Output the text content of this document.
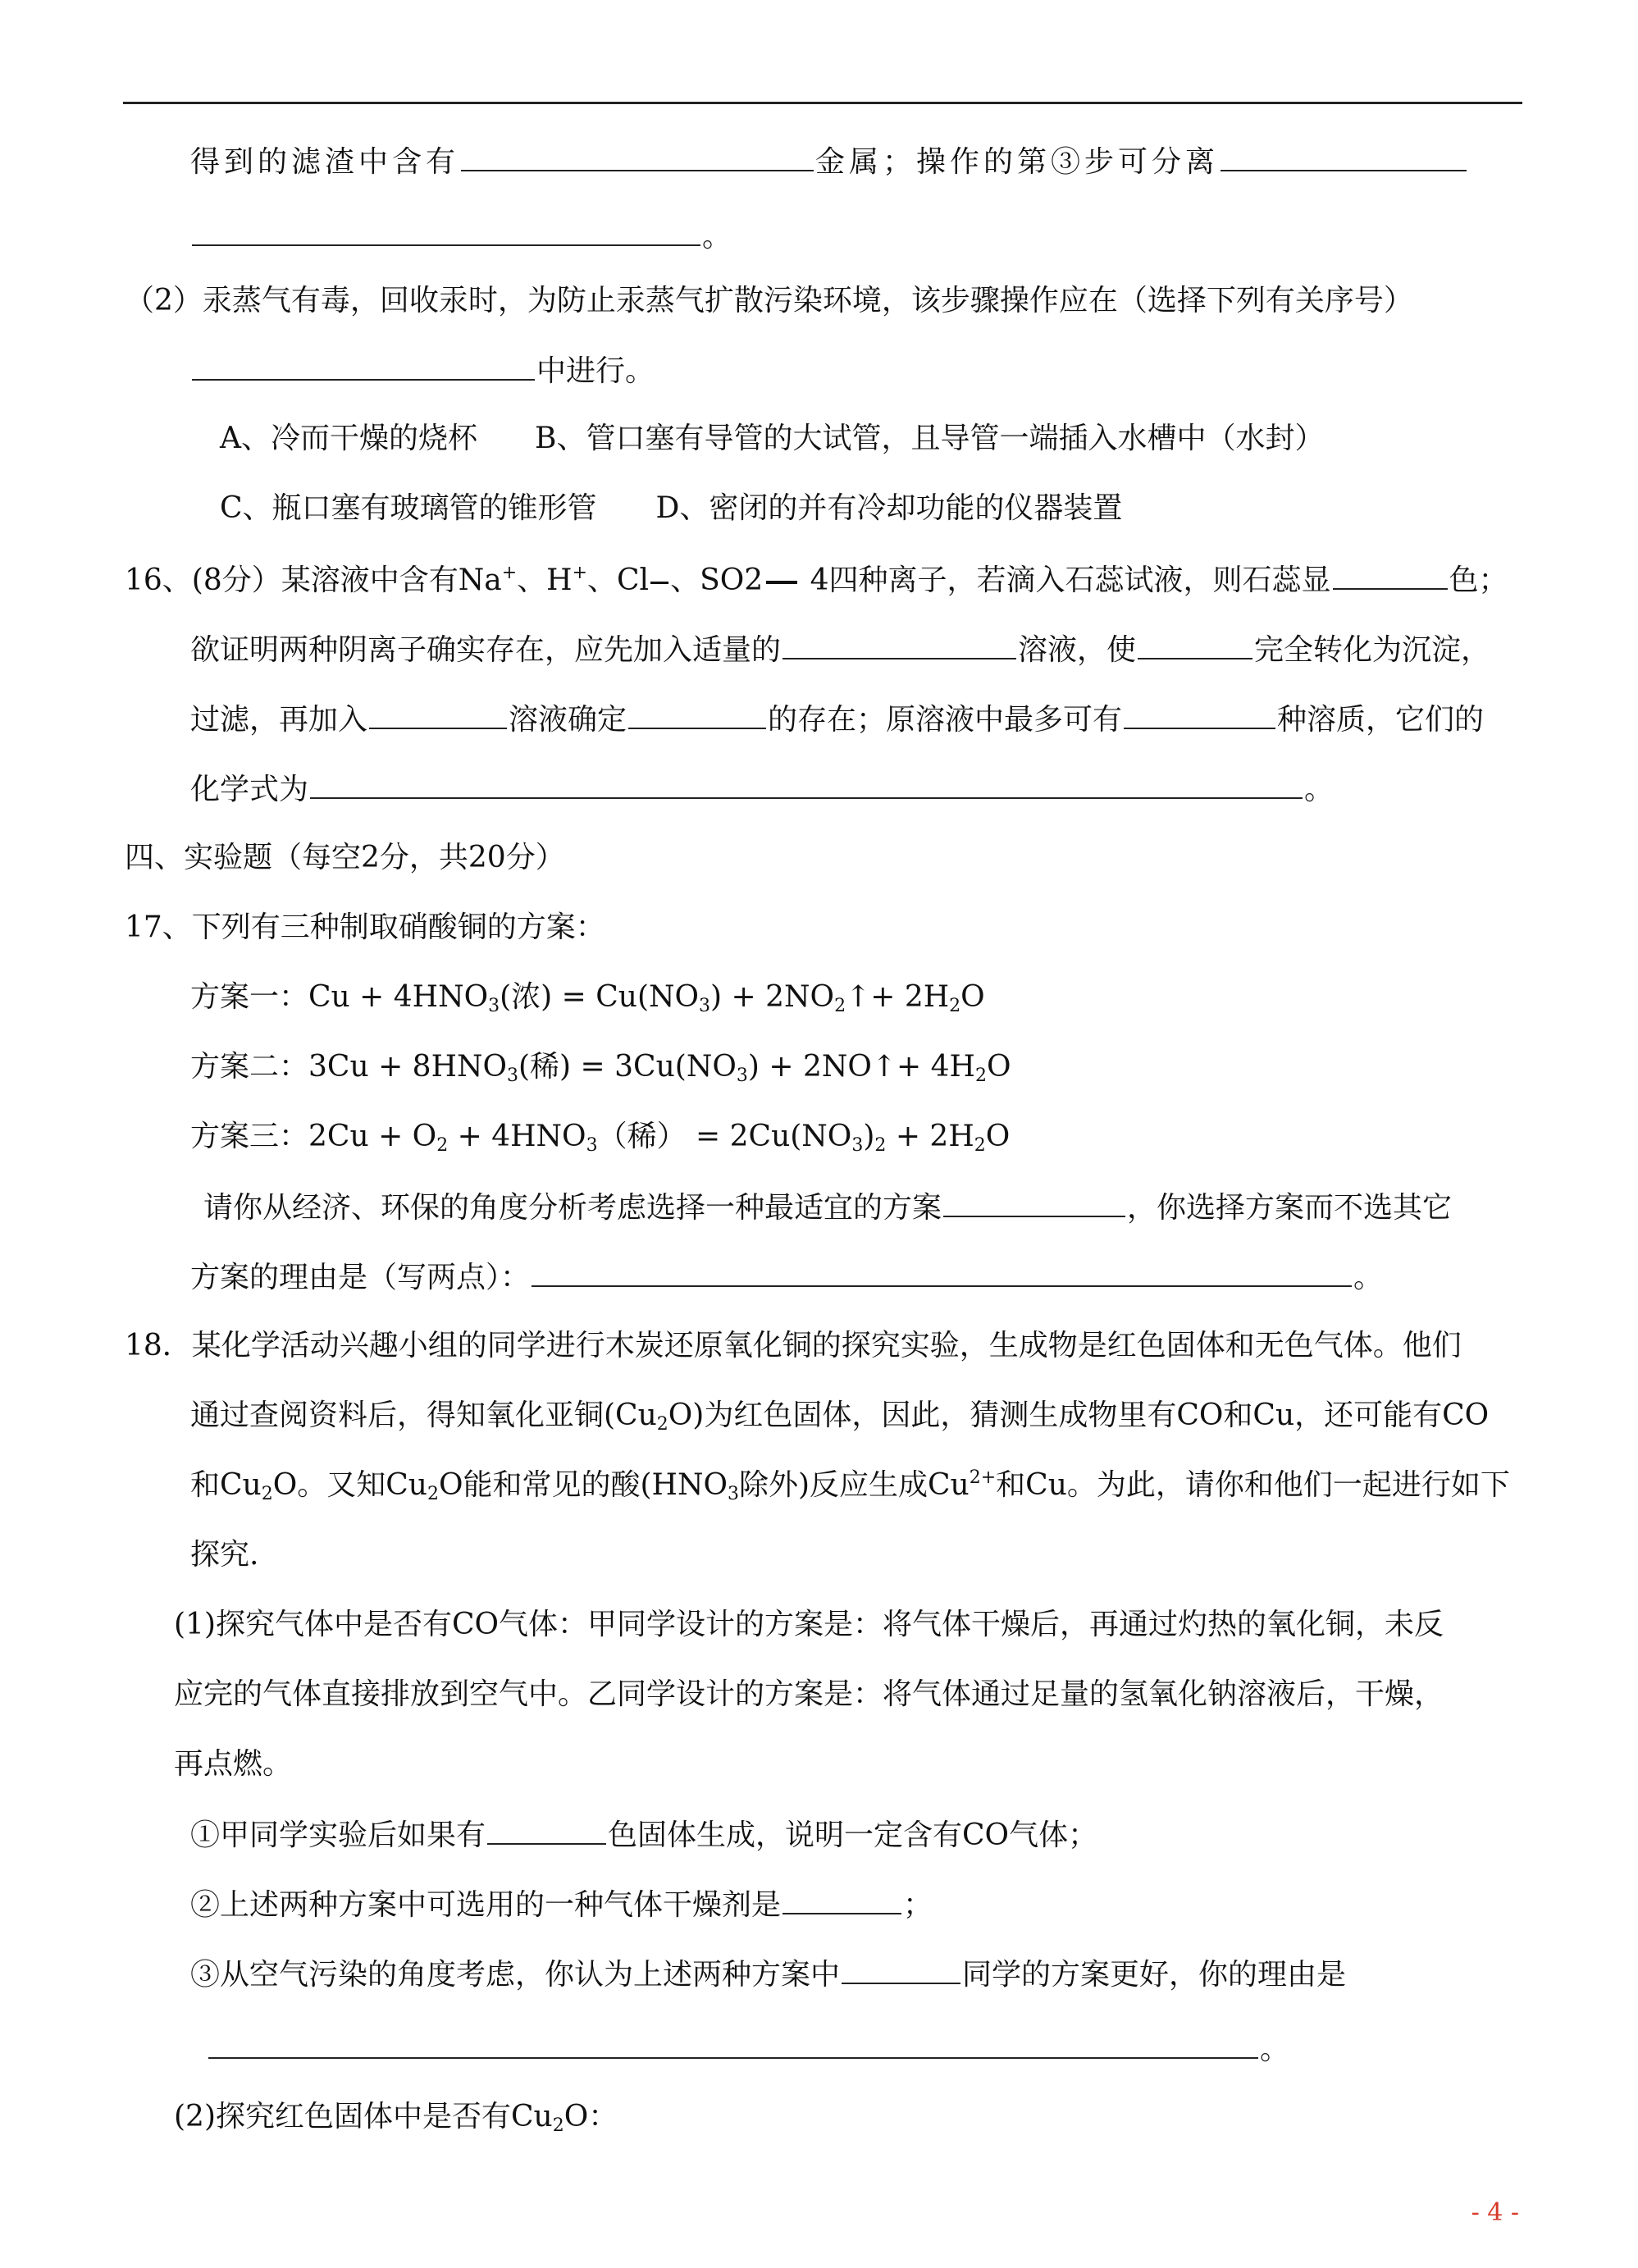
得到的滤渣中含有	金属；操作的第③步可分离
。
（2）汞蒸气有毒，回收汞时，为防止汞蒸气扩散污染环境，该步骤操作应在（选择下列有关序号）
中进行。
A、冷而干燥的烧杯 B、管口塞有导管的大试管，且导管一端插入水槽中（水封）
C、瓶口塞有玻璃管的锥形管 D、密闭的并有冷却功能的仪器装置
16、(8分）某溶液中含有Na+、H+、Cl 、SO2 4四种离子，若滴入石蕊试液，则石蕊显	色；
欲证明两种阴离子确实存在，应先加入适量的	溶液，使	完全转化为沉淀，
过滤，再加入	溶液确定	的存在；原溶液中最多可有	种溶质，它们的
化学式为	。
四、实验题（每空2分，共20分）
17、下列有三种制取硝酸铜的方案：
方案一：$Cu + 4HNO_3$(浓) = $Cu(NO_3)$ + $2NO_2↑+ 2H_2O$
方案二：$3Cu + 8HNO_3$(稀) = $3Cu(NO_3)$ + 2NO↑+ $4H_2O$
方案三：$2Cu + O_2 + 4HNO_3$（稀） = $2Cu(NO_3)_2 + 2H_2O$
请你从经济、环保的角度分析考虑选择一种最适宜的方案	，你选择方案而不选其它
方案的理由是（写两点）：	。
18．某化学活动兴趣小组的同学进行木炭还原氧化铜的探究实验，生成物是红色固体和无色气体。他们
通过查阅资料后，得知氧化亚铜$(Cu_2O)$为红色固体，因此，猜测生成物里有CO和Cu，还可能有CO
和$Cu_2O$。又知$Cu_2O$能和常见的酸($HNO_3$除外)反应生成$Cu^{2+}$和Cu。为此，请你和他们一起进行如下
探究.
(1)探究气体中是否有CO气体：甲同学设计的方案是：将气体干燥后，再通过灼热的氧化铜，未反
应完的气体直接排放到空气中。乙同学设计的方案是：将气体通过足量的氢氧化钠溶液后，干燥，
再点燃。
①甲同学实验后如果有	色固体生成，说明一定含有CO气体；
②上述两种方案中可选用的一种气体干燥剂是	；
③从空气污染的角度考虑，你认为上述两种方案中	同学的方案更好，你的理由是
。
(2)探究红色固体中是否有$Cu_2O$：
- 4 -
